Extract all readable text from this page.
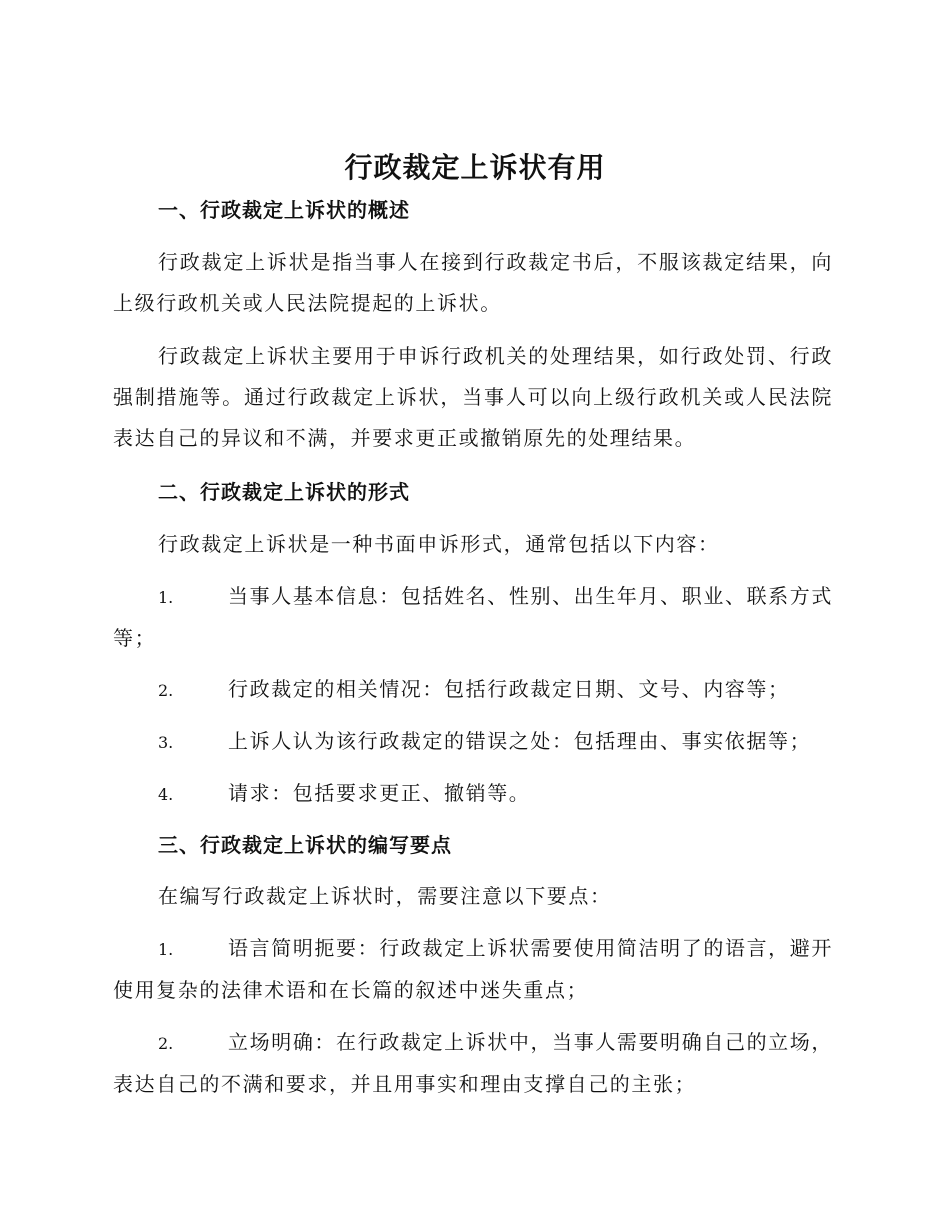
行政裁定上诉状有用
一、行政裁定上诉状的概述
行政裁定上诉状是指当事人在接到行政裁定书后，不服该裁定结果，向上级行政机关或人民法院提起的上诉状。
行政裁定上诉状主要用于申诉行政机关的处理结果，如行政处罚、行政强制措施等。通过行政裁定上诉状，当事人可以向上级行政机关或人民法院表达自己的异议和不满，并要求更正或撤销原先的处理结果。
二、行政裁定上诉状的形式
行政裁定上诉状是一种书面申诉形式，通常包括以下内容：
1.	当事人基本信息：包括姓名、性别、出生年月、职业、联系方式等；
2.	行政裁定的相关情况：包括行政裁定日期、文号、内容等；
3.	上诉人认为该行政裁定的错误之处：包括理由、事实依据等；
4.	请求：包括要求更正、撤销等。
三、行政裁定上诉状的编写要点
在编写行政裁定上诉状时，需要注意以下要点：
1.	语言简明扼要：行政裁定上诉状需要使用简洁明了的语言，避开使用复杂的法律术语和在长篇的叙述中迷失重点；
2.	立场明确：在行政裁定上诉状中，当事人需要明确自己的立场，表达自己的不满和要求，并且用事实和理由支撑自己的主张；
